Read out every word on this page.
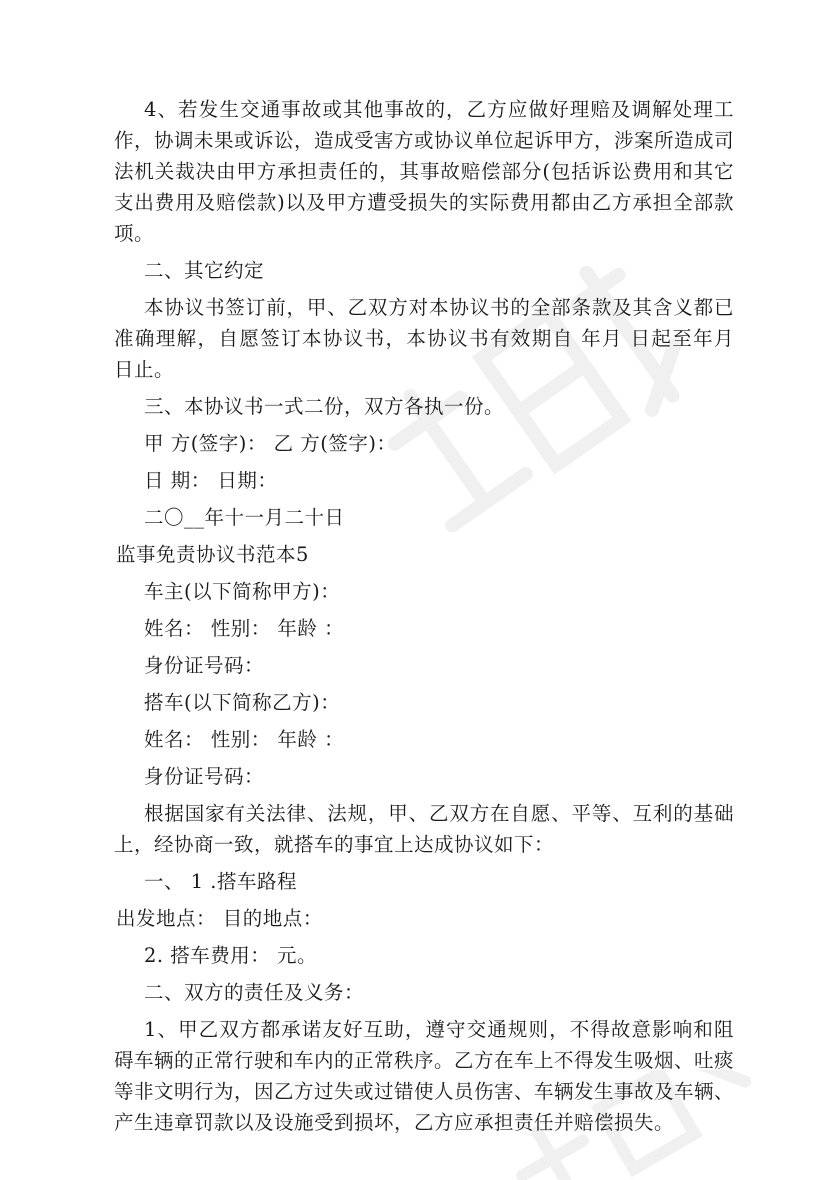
4、若发生交通事故或其他事故的，乙方应做好理赔及调解处理工作，协调未果或诉讼，造成受害方或协议单位起诉甲方，涉案所造成司法机关裁决由甲方承担责任的，其事故赔偿部分(包括诉讼费用和其它支出费用及赔偿款)以及甲方遭受损失的实际费用都由乙方承担全部款项。

二、其它约定

本协议书签订前，甲、乙双方对本协议书的全部条款及其含义都已准确理解，自愿签订本协议书，本协议书有效期自 年月 日起至年月 日止。

三、本协议书一式二份，双方各执一份。
甲 方(签字)： 乙 方(签字)：
日 期： 日期：
二〇__年十一月二十日
监事免责协议书范本5
车主(以下简称甲方)：
姓名： 性别： 年龄 ：
身份证号码：
搭车(以下简称乙方)：
姓名： 性别： 年龄 ：
身份证号码：

根据国家有关法律、法规，甲、乙双方在自愿、平等、互利的基础上，经协商一致，就搭车的事宜上达成协议如下：

一、 1 .搭车路程
出发地点： 目的地点：
2. 搭车费用： 元。
二、双方的责任及义务：

1、甲乙双方都承诺友好互助，遵守交通规则，不得故意影响和阻碍车辆的正常行驶和车内的正常秩序。乙方在车上不得发生吸烟、吐痰等非文明行为，因乙方过失或过错使人员伤害、车辆发生事故及车辆、产生违章罚款以及设施受到损坏，乙方应承担责任并赔偿损失。
